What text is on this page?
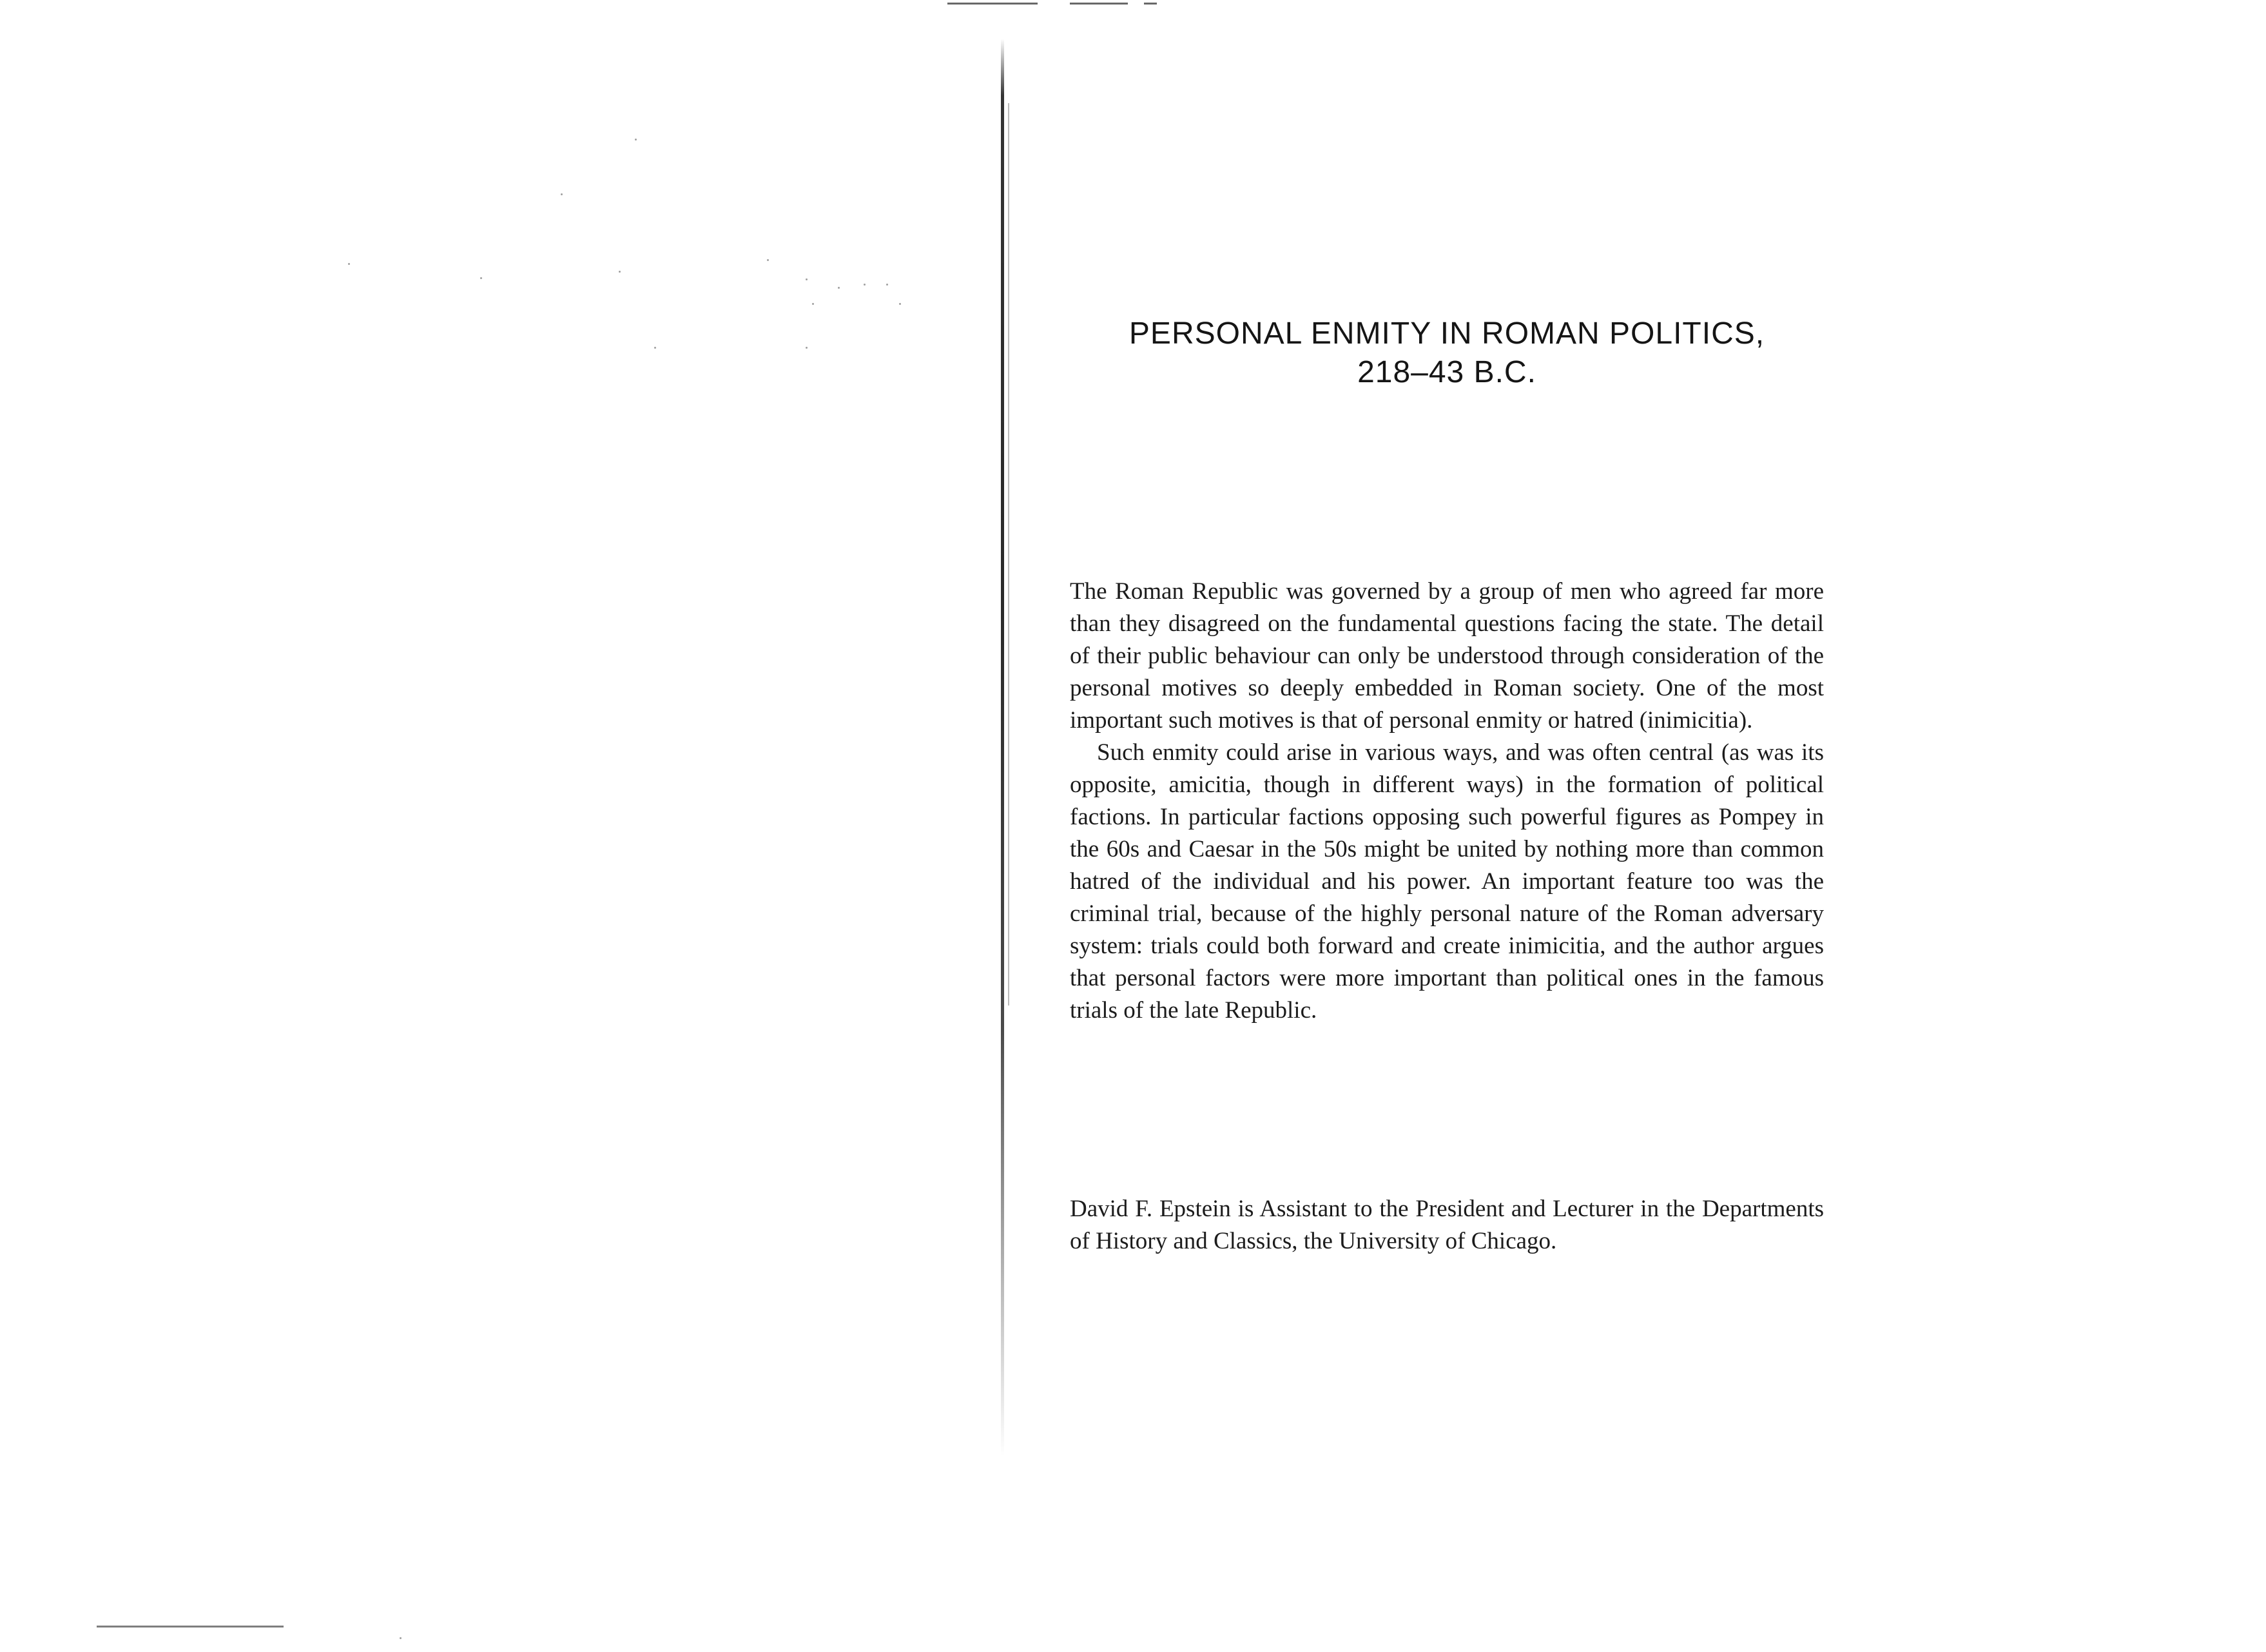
PERSONAL ENMITY IN ROMAN POLITICS,
218–43 B.C.

The Roman Republic was governed by a group of men who agreed far more than they disagreed on the fundamental questions facing the state. The detail of their public behaviour can only be understood through consideration of the personal motives so deeply embedded in Roman society. One of the most important such motives is that of personal enmity or hatred (inimicitia).

Such enmity could arise in various ways, and was often central (as was its opposite, amicitia, though in different ways) in the formation of political factions. In particular factions opposing such powerful figures as Pompey in the 60s and Caesar in the 50s might be united by nothing more than common hatred of the individual and his power. An important feature too was the criminal trial, because of the highly personal nature of the Roman adversary system: trials could both forward and create inimicitia, and the author argues that personal factors were more important than political ones in the famous trials of the late Republic.

David F. Epstein is Assistant to the President and Lecturer in the Departments of History and Classics, the University of Chicago.
